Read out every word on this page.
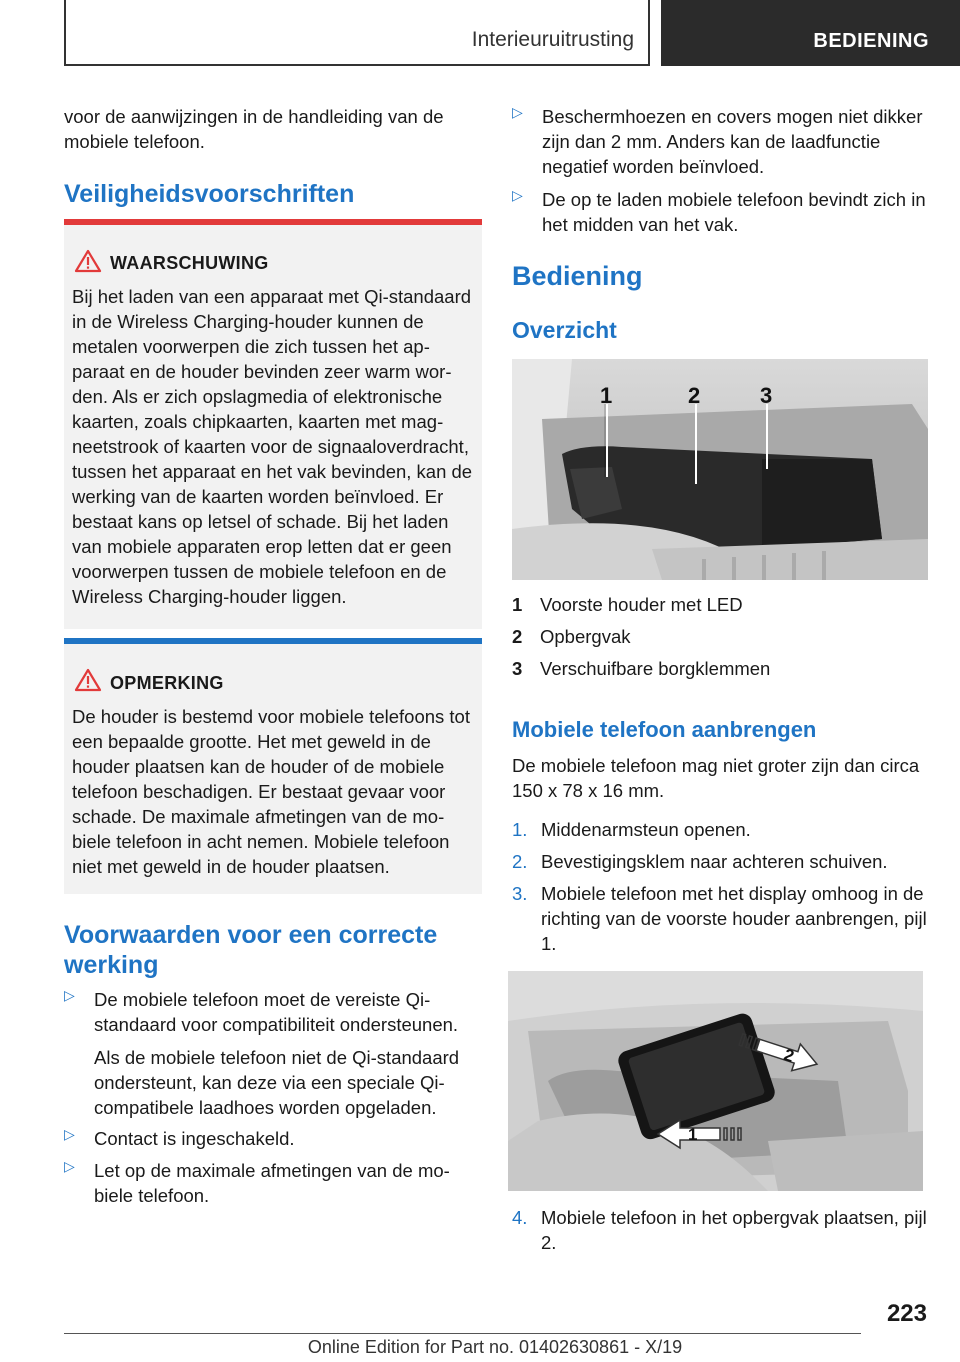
Interieuruitrusting	BEDIENING

voor de aanwijzingen in de handleiding van de mobiele telefoon.

Veiligheidsvoorschriften
WAARSCHUWING

Bij het laden van een apparaat met Qi-standaard in de Wireless Charging-houder kunnen de metalen voorwerpen die zich tussen het apparaat en de houder bevinden zeer warm worden. Als er zich opslagmedia of elektronische kaarten, zoals chipkaarten, kaarten met magneetstrook of kaarten voor de signaaloverdracht, tussen het apparaat en het vak bevinden, kan de werking van de kaarten worden beïnvloed. Er bestaat kans op letsel of schade. Bij het laden van mobiele apparaten erop letten dat er geen voorwerpen tussen de mobiele telefoon en de Wireless Charging-houder liggen.

OPMERKING

De houder is bestemd voor mobiele telefoons tot een bepaalde grootte. Het met geweld in de houder plaatsen kan de houder of de mobiele telefoon beschadigen. Er bestaat gevaar voor schade. De maximale afmetingen van de mobiele telefoon in acht nemen. Mobiele telefoon niet met geweld in de houder plaatsen.

Voorwaarden voor een correcte werking
▷ De mobiele telefoon moet de vereiste Qi-standaard voor compatibiliteit ondersteunen.

Als de mobiele telefoon niet de Qi-standaard ondersteunt, kan deze via een speciale Qi-compatibele laadhoes worden opgeladen.

▷ Contact is ingeschakeld.

▷ Let op de maximale afmetingen van de mobiele telefoon.

▷ Beschermhoezen en covers mogen niet dikker zijn dan 2 mm. Anders kan de laadfunctie negatief worden beïnvloed.

▷ De op te laden mobiele telefoon bevindt zich in het midden van het vak.

Bediening
Overzicht
1	2	3
1 Voorste houder met LED
2 Opbergvak
3 Verschuifbare borgklemmen
Mobiele telefoon aanbrengen

De mobiele telefoon mag niet groter zijn dan circa 150 x 78 x 16 mm.

1. Middenarmsteun openen.

2. Bevestigingsklem naar achteren schuiven.

3. Mobiele telefoon met het display omhoog in de richting van de voorste houder aanbrengen, pijl 1.

1
2
4. Mobiele telefoon in het opbergvak plaatsen, pijl 2.

223
Online Edition for Part no. 01402630861 - X/19
